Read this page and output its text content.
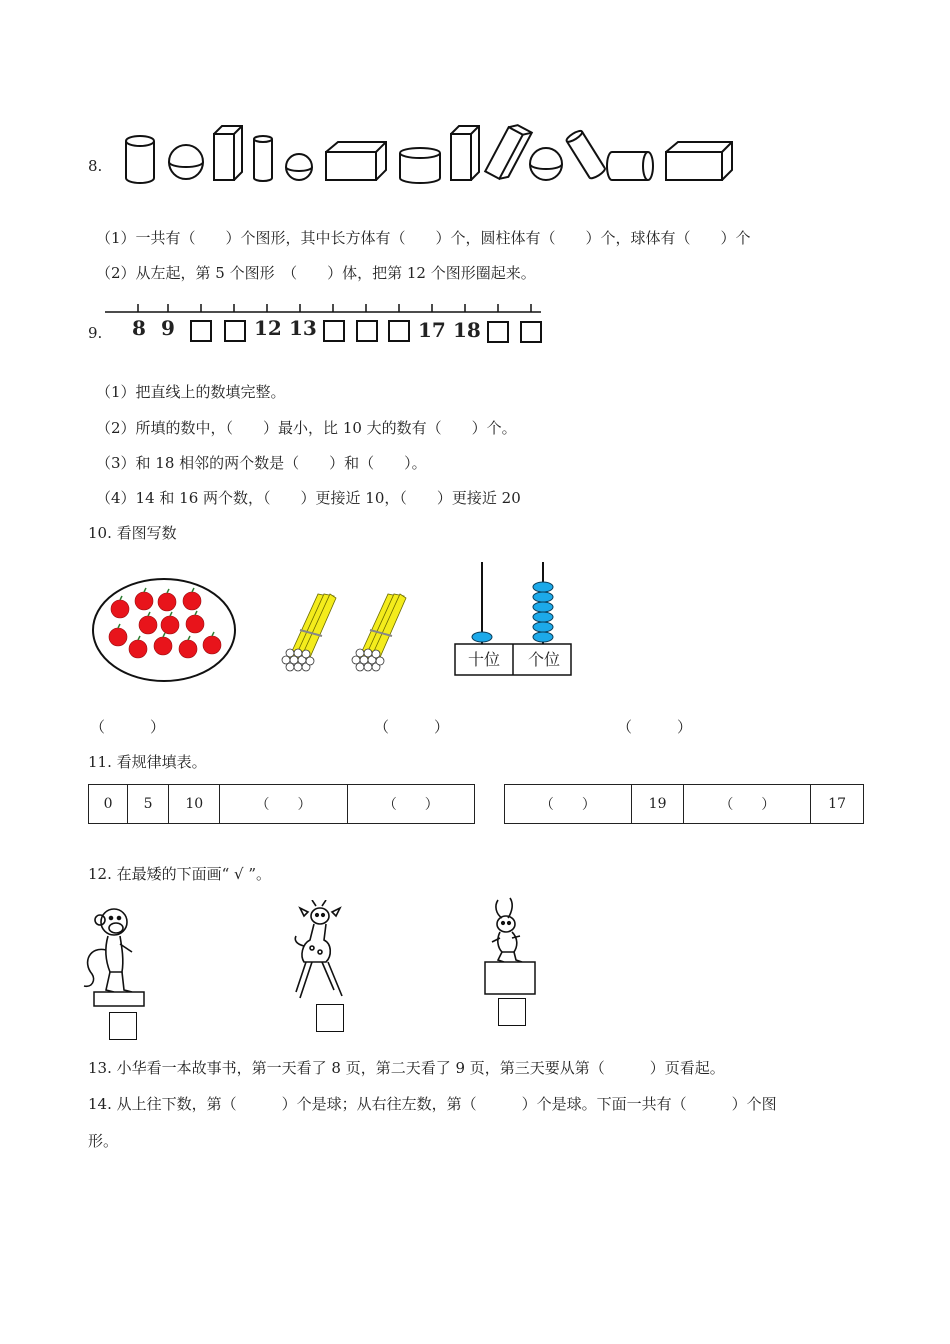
8.
（1）一共有（　　）个图形，其中长方体有（　　）个，圆柱体有（　　）个，球体有（　　）个
（2）从左起，第 5 个图形　（　　）体，把第 12 个图形圈起来。
9. 8 9	12 13	17 18
（1）把直线上的数填完整。
（2）所填的数中，（　　）最小，比 10 大的数有（　　）个。
（3）和 18 相邻的两个数是（　　）和（　　）。
（4）14 和 16 两个数，（　　）更接近 10，（　　）更接近 20
10. 看图写数
十位 个位
（　　　）	（　　　）	（　　　）
11. 看规律填表。
0	5	10	（　　）	（　　）	（　　）	19	（　　）	17
12. 在最矮的下面画“ √ ”。
13. 小华看一本故事书，第一天看了 8 页，第二天看了 9 页，第三天要从第（　　　）页看起。
14. 从上往下数，第（　　　）个是球；从右往左数，第（　　　）个是球。下面一共有（　　　）个图
形。
